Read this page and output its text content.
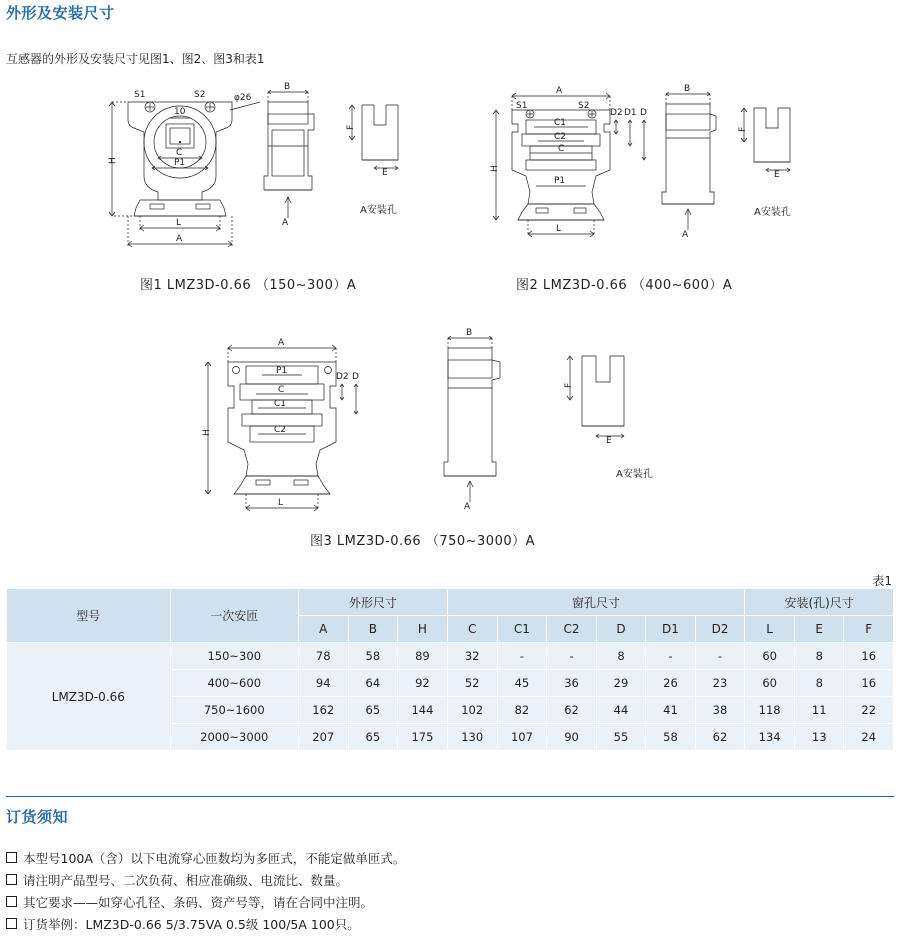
外形及安装尺寸
互感器的外形及安装尺寸见图1、图2、图3和表1
S1	S2	φ26
10
C
P1
H
L
A
B
A
E
F
A安装孔
图1 LMZ3D-0.66 （150~300）A
S1	S2
A
C1
C2
C
D2 D1 D
P1
H
L
B
A
E
F
A安装孔
图2 LMZ3D-0.66 （400~600）A
A
P1
C
C1
C2
D2 D
H
L
B
A
E
F
A安装孔
图3 LMZ3D-0.66 （750~3000）A
表1
型号	一次安匝	外形尺寸			窗孔尺寸						安装(孔)尺寸		
		A	B	H	C	C1	C2	D	D1	D2	L	E	F
LMZ3D-0.66	150~300	78	58	89	32	-	-	8	-	-	60	8	16
	400~600	94	64	92	52	45	36	29	26	23	60	8	16
	750~1600	162	65	144	102	82	62	44	41	38	118	11	22
	2000~3000	207	65	175	130	107	90	55	58	62	134	13	24
订货须知
本型号100A（含）以下电流穿心匝数均为多匝式，不能定做单匝式。
请注明产品型号、二次负荷、相应准确级、电流比、数量。
其它要求——如穿心孔径、条码、资产号等，请在合同中注明。
订货举例：LMZ3D-0.66 5/3.75VA 0.5级 100/5A 100只。
